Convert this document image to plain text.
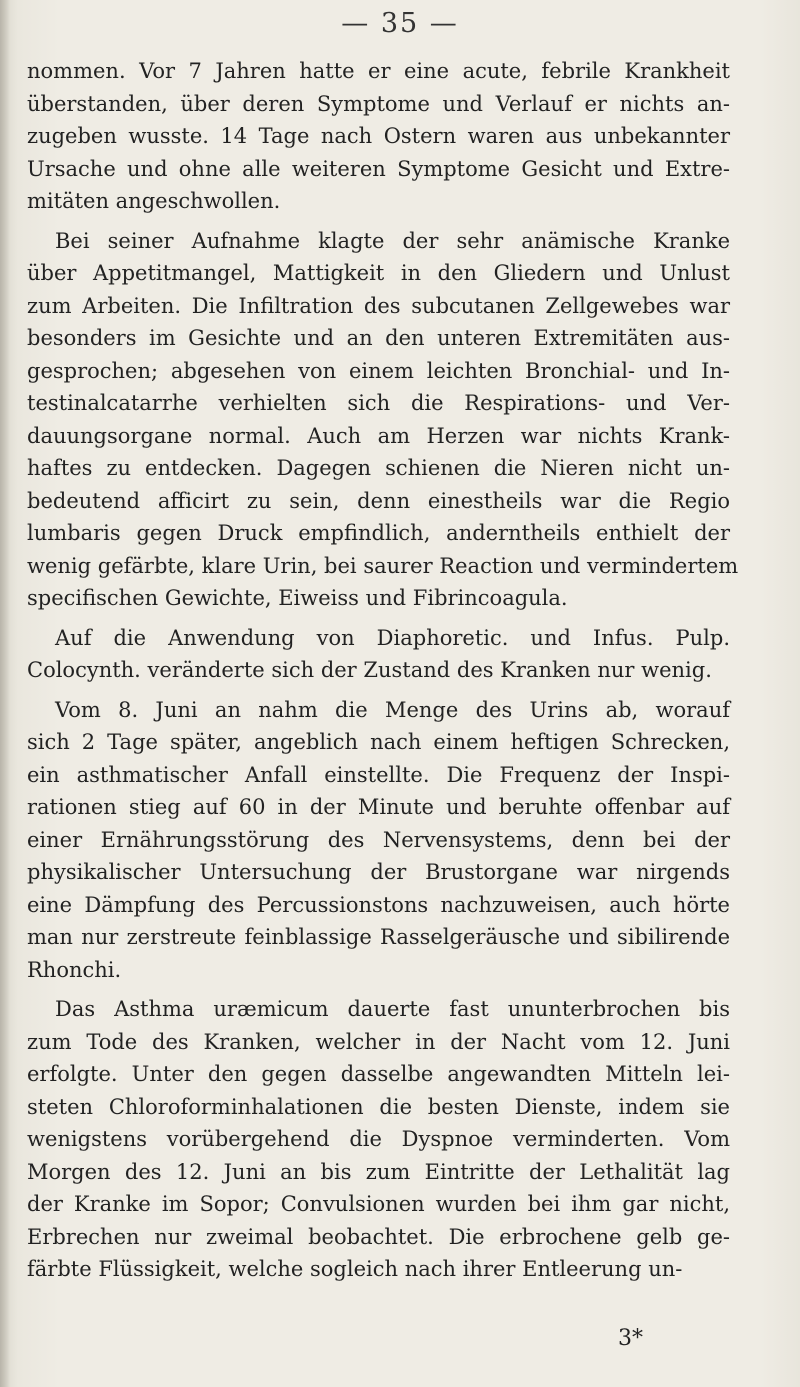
— 35 —
nommen. Vor 7 Jahren hatte er eine acute, febrile Krankheit
überstanden, über deren Symptome und Verlauf er nichts an-
zugeben wusste. 14 Tage nach Ostern waren aus unbekannter
Ursache und ohne alle weiteren Symptome Gesicht und Extre-
mitäten angeschwollen.
Bei seiner Aufnahme klagte der sehr anämische Kranke
über Appetitmangel, Mattigkeit in den Gliedern und Unlust
zum Arbeiten. Die Infiltration des subcutanen Zellgewebes war
besonders im Gesichte und an den unteren Extremitäten aus-
gesprochen; abgesehen von einem leichten Bronchial- und In-
testinalcatarrhe verhielten sich die Respirations- und Ver-
dauungsorgane normal. Auch am Herzen war nichts Krank-
haftes zu entdecken. Dagegen schienen die Nieren nicht un-
bedeutend afficirt zu sein, denn einestheils war die Regio
lumbaris gegen Druck empfindlich, anderntheils enthielt der
wenig gefärbte, klare Urin, bei saurer Reaction und vermindertem
specifischen Gewichte, Eiweiss und Fibrincoagula.
Auf die Anwendung von Diaphoretic. und Infus. Pulp.
Colocynth. veränderte sich der Zustand des Kranken nur wenig.
Vom 8. Juni an nahm die Menge des Urins ab, worauf
sich 2 Tage später, angeblich nach einem heftigen Schrecken,
ein asthmatischer Anfall einstellte. Die Frequenz der Inspi-
rationen stieg auf 60 in der Minute und beruhte offenbar auf
einer Ernährungsstörung des Nervensystems, denn bei der
physikalischer Untersuchung der Brustorgane war nirgends
eine Dämpfung des Percussionstons nachzuweisen, auch hörte
man nur zerstreute feinblassige Rasselgeräusche und sibilirende
Rhonchi.
Das Asthma uræmicum dauerte fast ununterbrochen bis
zum Tode des Kranken, welcher in der Nacht vom 12. Juni
erfolgte. Unter den gegen dasselbe angewandten Mitteln lei-
steten Chloroforminhalationen die besten Dienste, indem sie
wenigstens vorübergehend die Dyspnoe verminderten. Vom
Morgen des 12. Juni an bis zum Eintritte der Lethalität lag
der Kranke im Sopor; Convulsionen wurden bei ihm gar nicht,
Erbrechen nur zweimal beobachtet. Die erbrochene gelb ge-
färbte Flüssigkeit, welche sogleich nach ihrer Entleerung un-
3*
